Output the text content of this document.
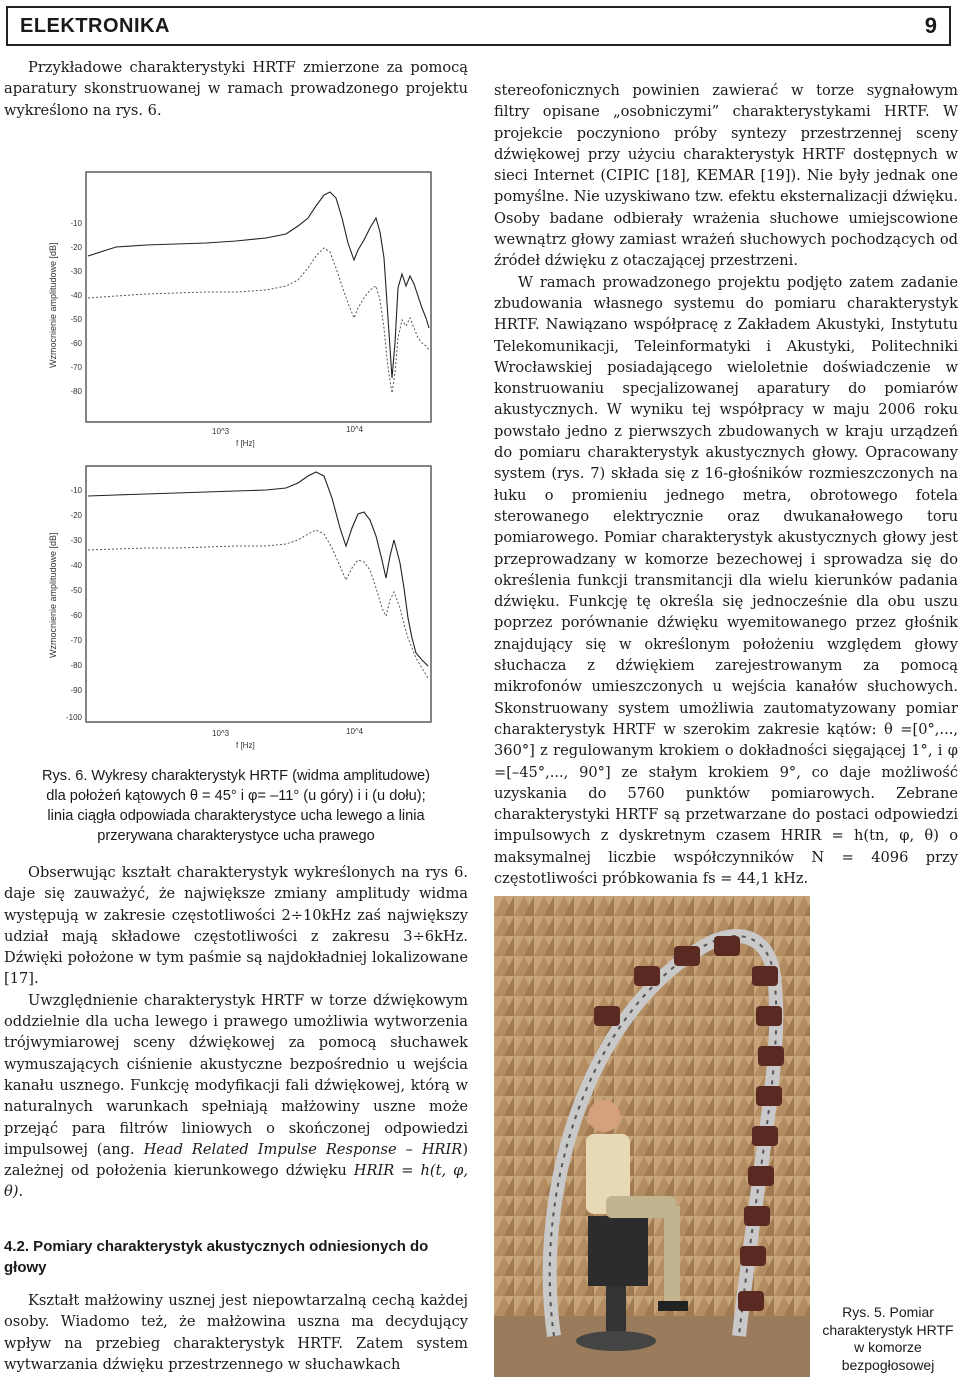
ELEKTRONIKA	9

Przykładowe charakterystyki HRTF zmierzone za pomocą aparatury skonstruowanej w ramach prowadzonego projektu wykreślono na rys. 6.

Wzmocnienie amplitudowe [dB]
-10
-20
-30
-40
-50
-60
-70
-80
10^3	10^4
f [Hz]
Wzmocnienie amplitudowe [dB]
-10
-20
-30
-40
-50
-60
-70
-80
-90
-100
10^3	10^4
f [Hz]
Rys. 6. Wykresy charakterystyk HRTF (widma amplitudowe)
dla położeń kątowych θ = 45° i φ= –11° (u góry) i i (u dołu);
linia ciągła odpowiada charakterystyce ucha lewego a linia
przerywana charakterystyce ucha prawego

Obserwując kształt charakterystyk wykreślonych na rys 6. daje się zauważyć, że największe zmiany amplitudy widma występują w zakresie częstotliwości 2÷10kHz zaś największy udział mają składowe częstotliwości z zakresu 3÷6kHz. Dźwięki położone w tym paśmie są najdokładniej lokalizowane [17].

Uwzględnienie charakterystyk HRTF w torze dźwiękowym oddzielnie dla ucha lewego i prawego umożliwia wytworzenia trójwymiarowej sceny dźwiękowej za pomocą słuchawek wymuszających ciśnienie akustyczne bezpośrednio u wejścia kanału usznego. Funkcję modyfikacji fali dźwiękowej, którą w naturalnych warunkach spełniają małżowiny uszne może przejąć para filtrów liniowych o skończonej odpowiedzi impulsowej (ang. Head Related Impulse Response – HRIR) zależnej od położenia kierunkowego dźwięku HRIR = h(t, φ, θ).

4.2. Pomiary charakterystyk akustycznych odniesionych do głowy

Kształt małżowiny usznej jest niepowtarzalną cechą każdej osoby. Wiadomo też, że małżowina uszna ma decydujący wpływ na przebieg charakterystyk HRTF. Zatem system wytwarzania dźwięku przestrzennego w słuchawkach

stereofonicznych powinien zawierać w torze sygnałowym filtry opisane „osobniczymi” charakterystykami HRTF. W projekcie poczyniono próby syntezy przestrzennej sceny dźwiękowej przy użyciu charakterystyk HRTF dostępnych w sieci Internet (CIPIC [18], KEMAR [19]). Nie były jednak one pomyślne. Nie uzyskiwano tzw. efektu eksternalizacji dźwięku. Osoby badane odbierały wrażenia słuchowe umiejscowione wewnątrz głowy zamiast wrażeń słuchowych pochodzących od źródeł dźwięku z otaczającej przestrzeni.

W ramach prowadzonego projektu podjęto zatem zadanie zbudowania własnego systemu do pomiaru charakterystyk HRTF. Nawiązano współpracę z Zakładem Akustyki, Instytutu Telekomunikacji, Teleinformatyki i Akustyki, Politechniki Wrocławskiej posiadającego wieloletnie doświadczenie w konstruowaniu specjalizowanej aparatury do pomiarów akustycznych. W wyniku tej współpracy w maju 2006 roku powstało jedno z pierwszych zbudowanych w kraju urządzeń do pomiaru charakterystyk akustycznych głowy. Opracowany system (rys. 7) składa się z 16-głośników rozmieszczonych na łuku o promieniu jednego metra, obrotowego fotela sterowanego elektrycznie oraz dwukanałowego toru pomiarowego. Pomiar charakterystyk akustycznych głowy jest przeprowadzany w komorze bezechowej i sprowadza się do określenia funkcji transmitancji dla wielu kierunków padania dźwięku. Funkcję tę określa się jednocześnie dla obu uszu poprzez porównanie dźwięku wyemitowanego przez głośnik znajdujący się w określonym położeniu względem głowy słuchacza z dźwiękiem zarejestrowanym za pomocą mikrofonów umieszczonych u wejścia kanałów słuchowych. Skonstruowany system umożliwia zautomatyzowany pomiar charakterystyk HRTF w szerokim zakresie kątów: θ =[0°,..., 360°] z regulowanym krokiem o dokładności sięgającej 1°, i φ =[–45°,..., 90°] ze stałym krokiem 9°, co daje możliwość uzyskania do 5760 punktów pomiarowych. Zebrane charakterystyki HRTF są przetwarzane do postaci odpowiedzi impulsowych z dyskretnym czasem HRIR = h(tn, φ, θ) o maksymalnej liczbie współczynników N = 4096 przy częstotliwości próbkowania fs = 44,1 kHz.

Rys. 5. Pomiar charakterystyk HRTF w komorze bezpogłosowej
